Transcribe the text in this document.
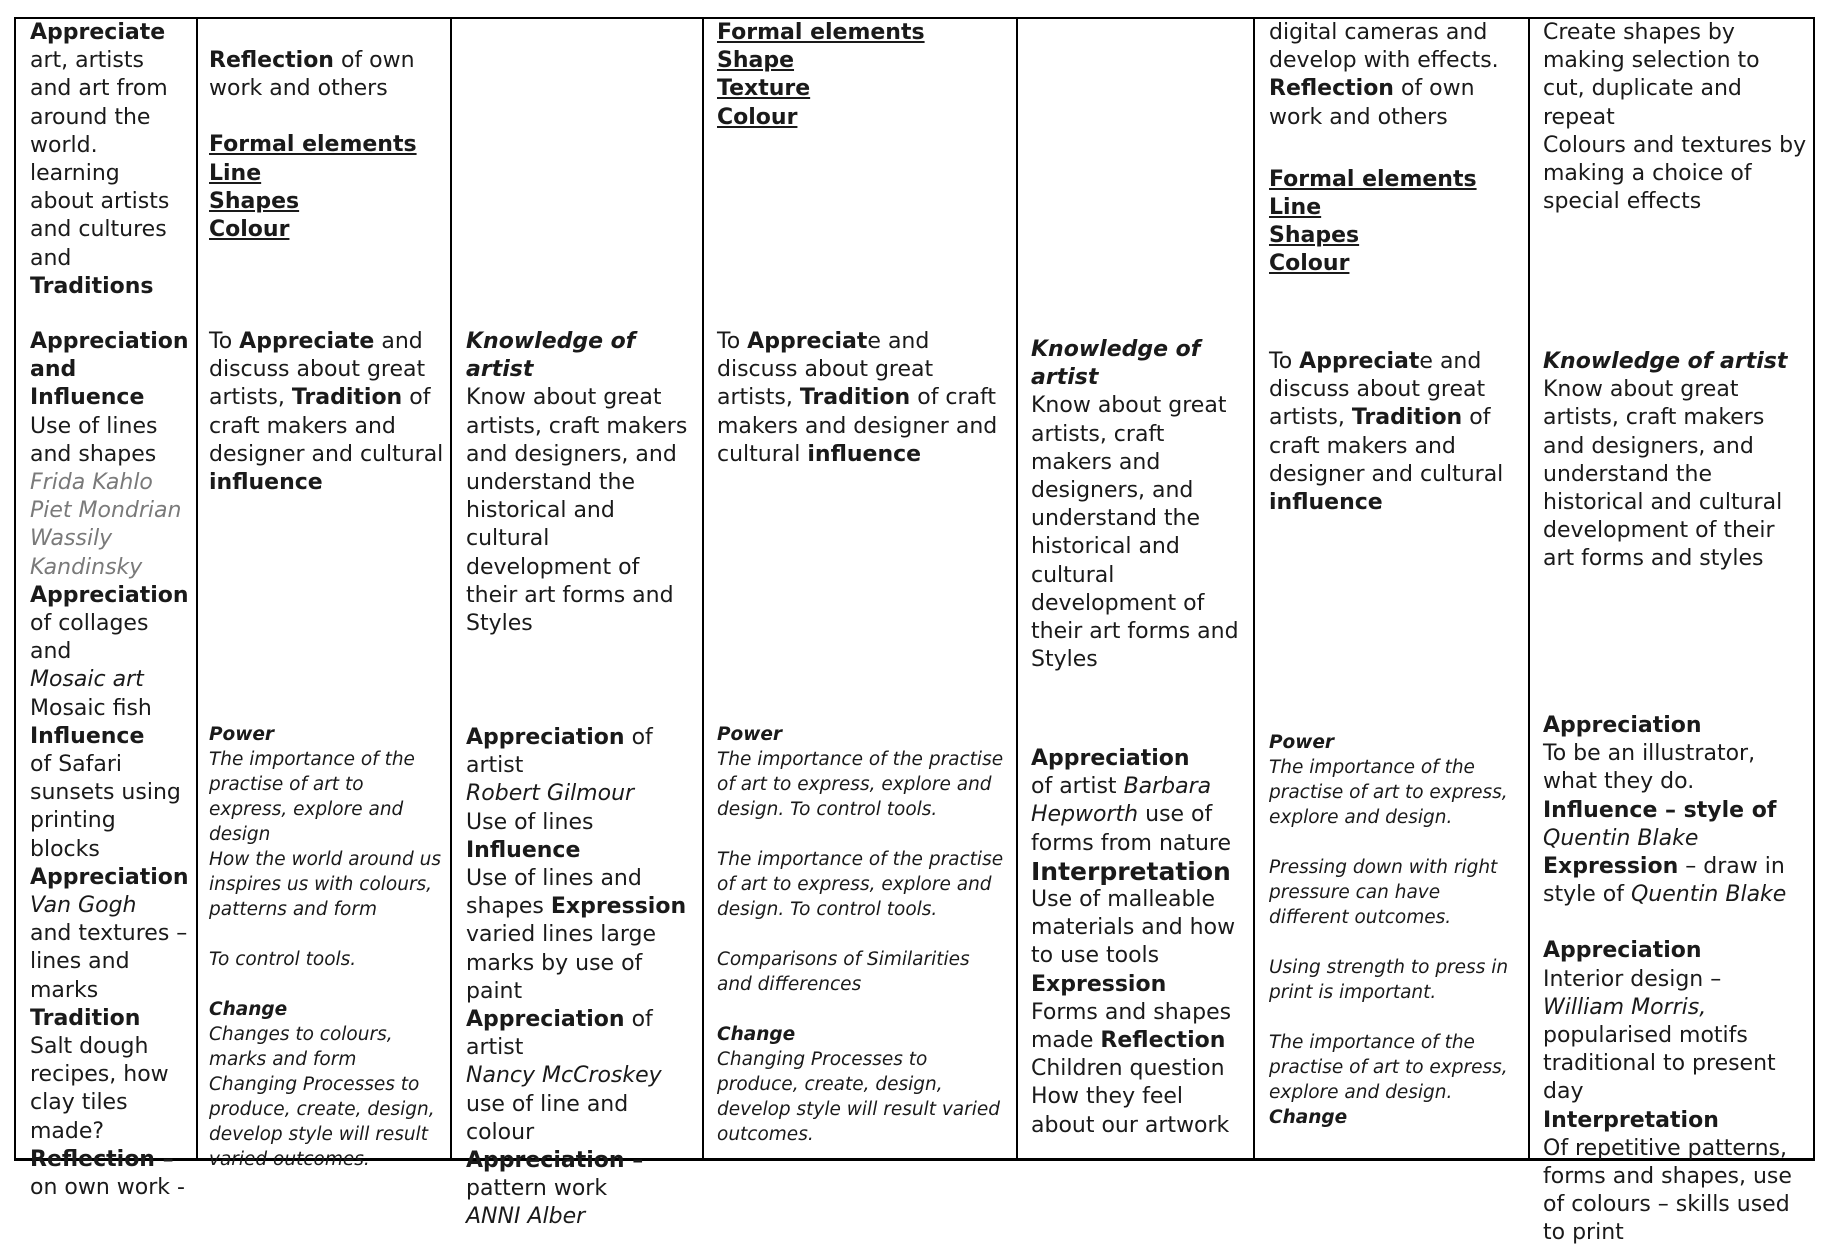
Appreciate
art, artists and art from around the world.
learning about artists and cultures and
Traditions
Appreciation and Influence
Use of lines and shapes
Frida Kahlo
Piet Mondrian
Wassily Kandinsky
Appreciation
of collages and
Mosaic art
Mosaic fish
Influence
of Safari sunsets using printing blocks
Appreciation
Van Gogh
and textures – lines and marks
Tradition
Salt dough recipes, how clay tiles made?
Reflection –
on own work -
Reflection of own work and others
Formal elements
Line
Shapes
Colour
To Appreciate and discuss about great artists, Tradition of craft makers and designer and cultural influence
Power
The importance of the practise of art to express, explore and design
How the world around us inspires us with colours, patterns and form
To control tools.
Change
Changes to colours, marks and form
Changing Processes to produce, create, design, develop style will result varied outcomes.
Knowledge of artist
Know about great artists, craft makers and designers, and understand the historical and cultural development of their art forms and Styles
Appreciation of artist
Robert Gilmour
Use of lines
Influence
Use of lines and shapes Expression varied lines large marks by use of paint
Appreciation of artist
Nancy McCroskey use of line and colour
Appreciation –
pattern work
ANNI Alber
Formal elements
Shape
Texture
Colour
To Appreciate and discuss about great artists, Tradition of craft makers and designer and cultural influence
Power
The importance of the practise of art to express, explore and design. To control tools.
The importance of the practise of art to express, explore and design. To control tools.
Comparisons of Similarities and differences
Change
Changing Processes to produce, create, design, develop style will result varied outcomes.
Knowledge of artist
Know about great artists, craft makers and designers, and understand the historical and cultural development of their art forms and Styles
Appreciation
of artist Barbara Hepworth use of forms from nature
Interpretation
Use of malleable materials and how to use tools
Expression
Forms and shapes made Reflection
Children question How they feel about our artwork
digital cameras and develop with effects.
Reflection of own work and others
Formal elements
Line
Shapes
Colour
To Appreciate and discuss about great artists, Tradition of craft makers and designer and cultural influence
Power
The importance of the practise of art to express, explore and design.
Pressing down with right pressure can have different outcomes.
Using strength to press in print is important.
The importance of the practise of art to express, explore and design.
Change
Create shapes by making selection to cut, duplicate and repeat
Colours and textures by making a choice of special effects
Knowledge of artist
Know about great artists, craft makers and designers, and understand the historical and cultural development of their art forms and styles
Appreciation
To be an illustrator, what they do. Influence – style of Quentin Blake
Expression – draw in style of Quentin Blake
Appreciation
Interior design – William Morris, popularised motifs traditional to present day
Interpretation
Of repetitive patterns, forms and shapes, use of colours – skills used to print
